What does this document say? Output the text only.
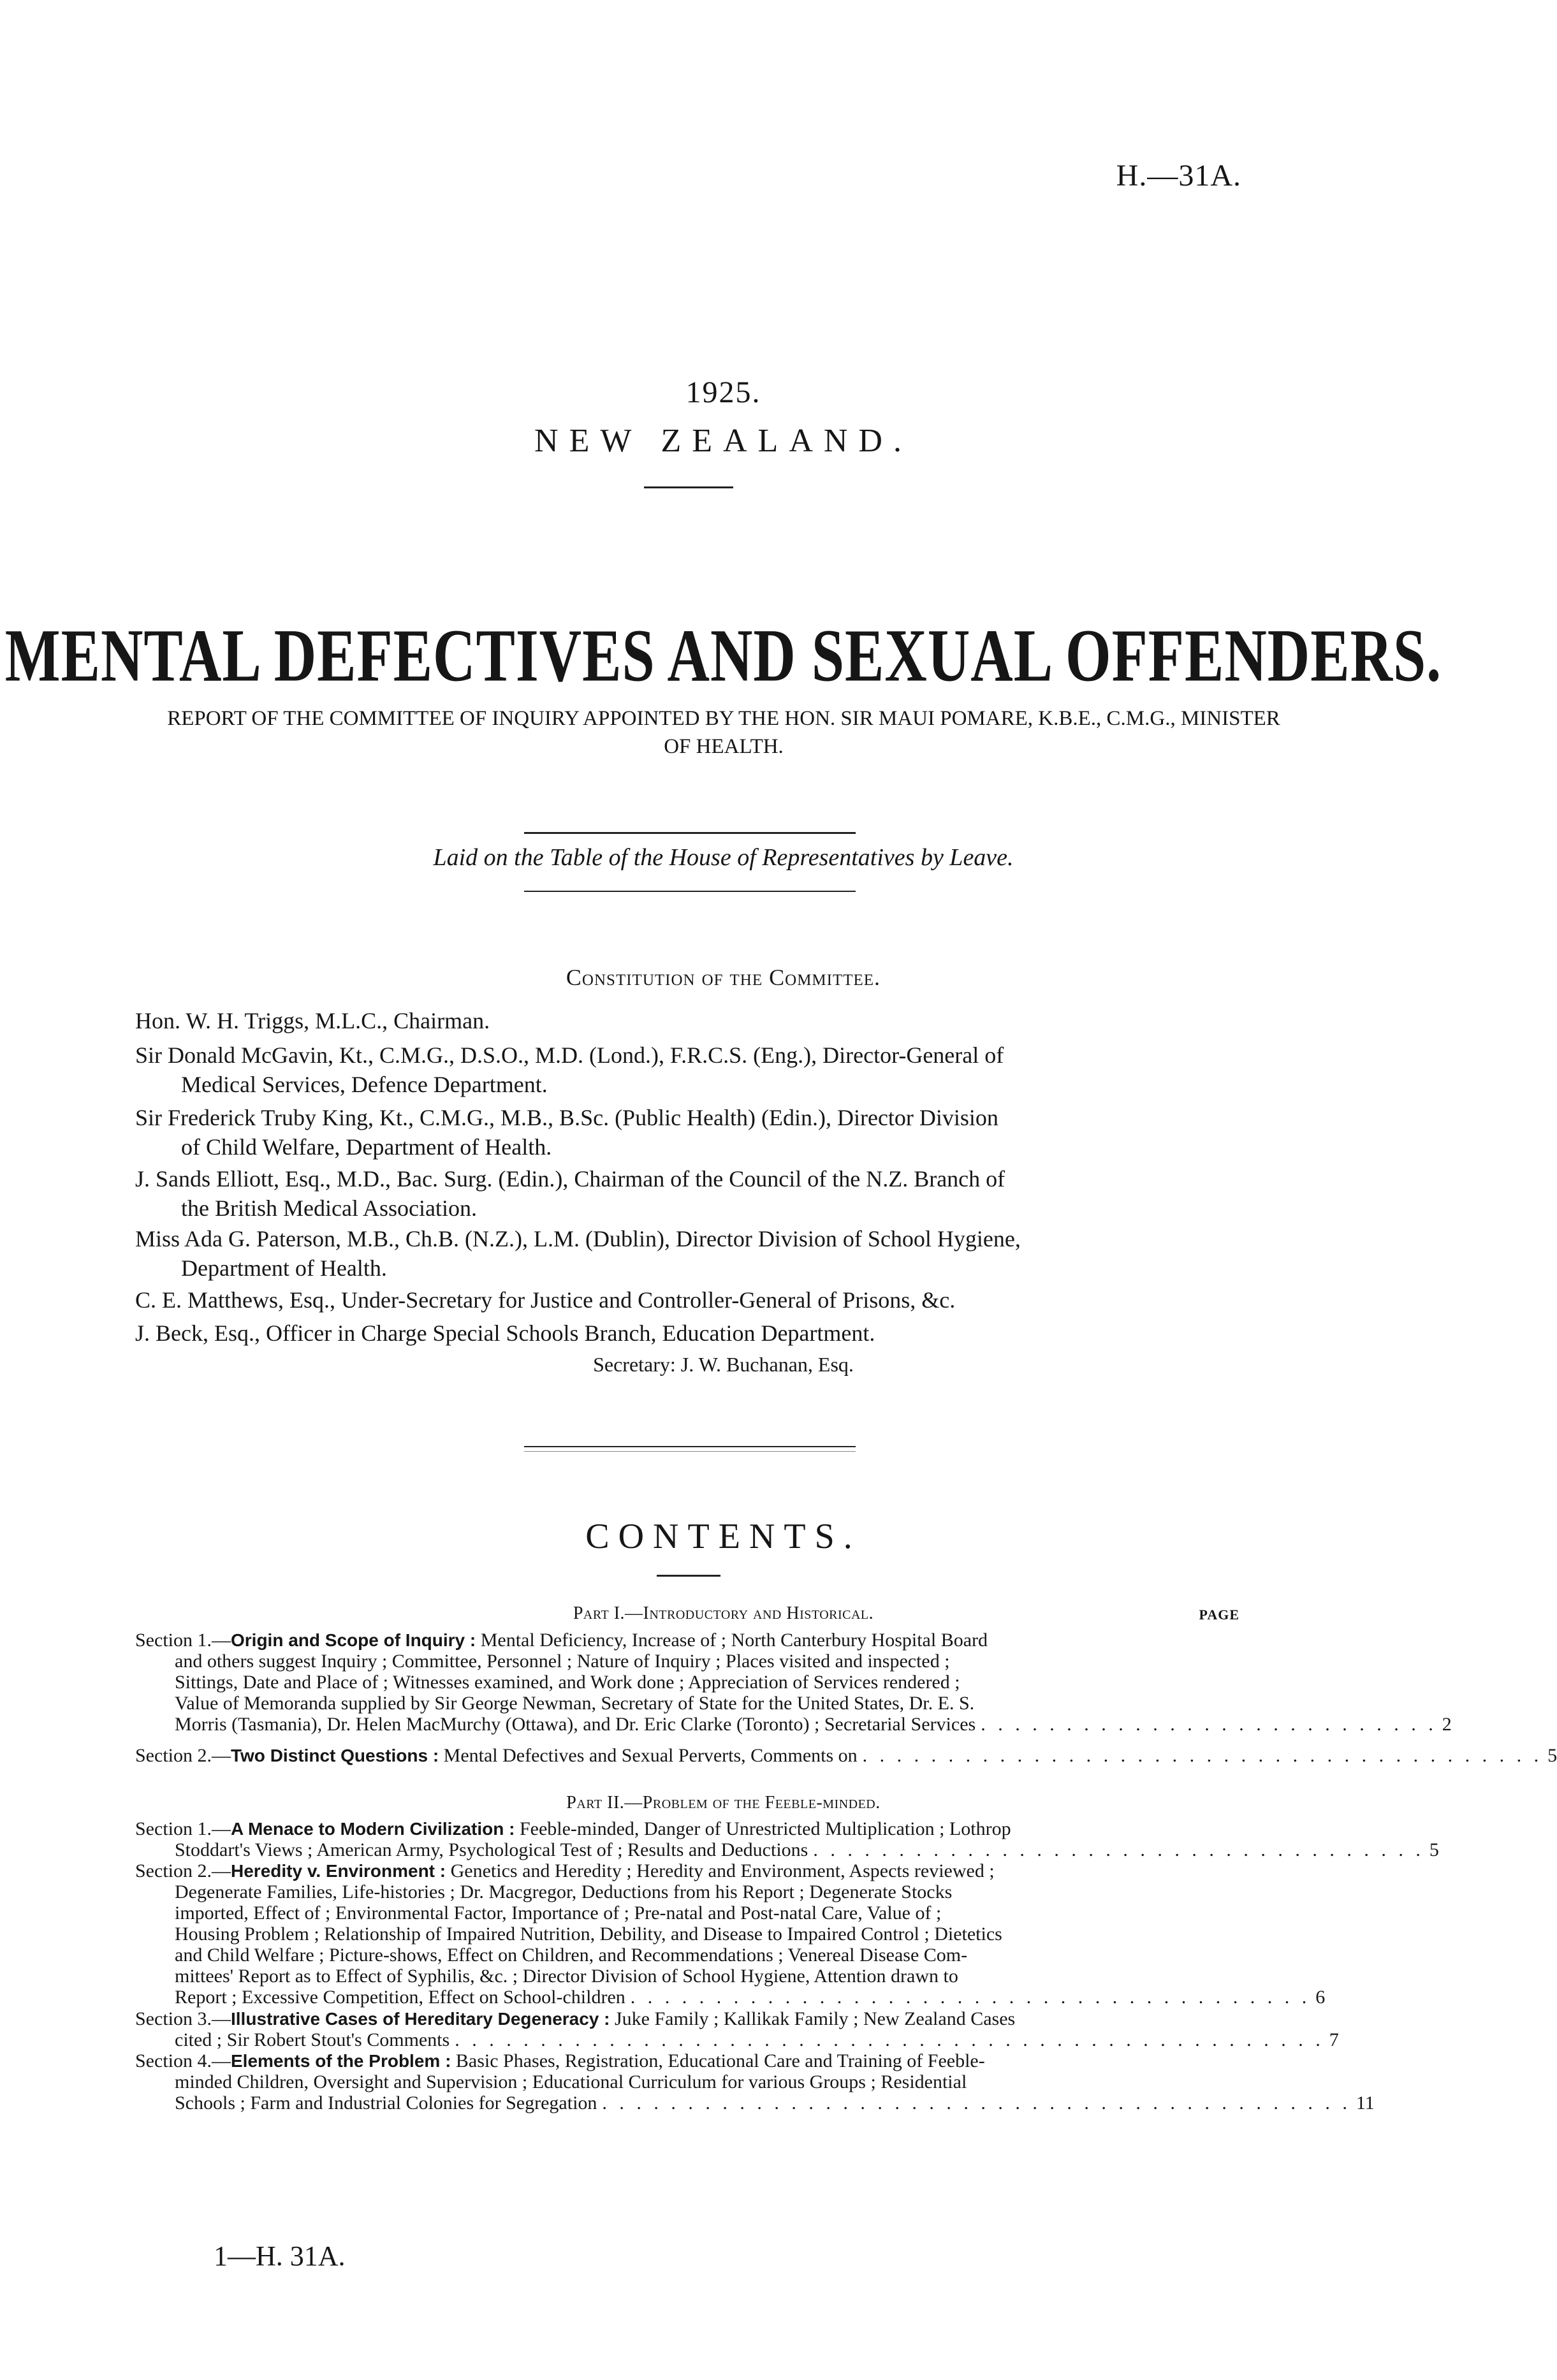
H.—31A.
1925.
NEW ZEALAND.
MENTAL DEFECTIVES AND SEXUAL OFFENDERS.
REPORT OF THE COMMITTEE OF INQUIRY APPOINTED BY THE HON. SIR MAUI POMARE, K.B.E., C.M.G., MINISTER OF HEALTH.
Laid on the Table of the House of Representatives by Leave.
Constitution of the Committee.
Hon. W. H. Triggs, M.L.C., Chairman.
Sir Donald McGavin, Kt., C.M.G., D.S.O., M.D. (Lond.), F.R.C.S. (Eng.), Director-General of
Medical Services, Defence Department.
Sir Frederick Truby King, Kt., C.M.G., M.B., B.Sc. (Public Health) (Edin.), Director Division
of Child Welfare, Department of Health.
J. Sands Elliott, Esq., M.D., Bac. Surg. (Edin.), Chairman of the Council of the N.Z. Branch of
the British Medical Association.
Miss Ada G. Paterson, M.B., Ch.B. (N.Z.), L.M. (Dublin), Director Division of School Hygiene,
Department of Health.
C. E. Matthews, Esq., Under-Secretary for Justice and Controller-General of Prisons, &c.
J. Beck, Esq., Officer in Charge Special Schools Branch, Education Department.
Secretary: J. W. Buchanan, Esq.
CONTENTS.
Part I.—Introductory and Historical.	PAGE
Section 1.—Origin and Scope of Inquiry : Mental Deficiency, Increase of ; North Canterbury Hospital Board
and others suggest Inquiry ; Committee, Personnel ; Nature of Inquiry ; Places visited and inspected ;
Sittings, Date and Place of ; Witnesses examined, and Work done ; Appreciation of Services rendered ;
Value of Memoranda supplied by Sir George Newman, Secretary of State for the United States, Dr. E. S.
Morris (Tasmania), Dr. Helen MacMurchy (Ottawa), and Dr. Eric Clarke (Toronto) ; Secretarial Services . . . . . . . . . . . . . . . . . . . . . . . . . . . 2
Section 2.—Two Distinct Questions : Mental Defectives and Sexual Perverts, Comments on . . . . . . . . . . . . . . . . . . . . . . . . . . . . . . . . . . . . . . . . 5
Part II.—Problem of the Feeble-minded.
Section 1.—A Menace to Modern Civilization : Feeble-minded, Danger of Unrestricted Multiplication ; Lothrop
Stoddart's Views ; American Army, Psychological Test of ; Results and Deductions . . . . . . . . . . . . . . . . . . . . . . . . . . . . . . . . . . . . 5
Section 2.—Heredity v. Environment : Genetics and Heredity ; Heredity and Environment, Aspects reviewed ;
Degenerate Families, Life-histories ; Dr. Macgregor, Deductions from his Report ; Degenerate Stocks
imported, Effect of ; Environmental Factor, Importance of ; Pre-natal and Post-natal Care, Value of ;
Housing Problem ; Relationship of Impaired Nutrition, Debility, and Disease to Impaired Control ; Dietetics
and Child Welfare ; Picture-shows, Effect on Children, and Recommendations ; Venereal Disease Com-
mittees' Report as to Effect of Syphilis, &c. ; Director Division of School Hygiene, Attention drawn to
Report ; Excessive Competition, Effect on School-children . . . . . . . . . . . . . . . . . . . . . . . . . . . . . . . . . . . . . . . . 6
Section 3.—Illustrative Cases of Hereditary Degeneracy : Juke Family ; Kallikak Family ; New Zealand Cases
cited ; Sir Robert Stout's Comments . . . . . . . . . . . . . . . . . . . . . . . . . . . . . . . . . . . . . . . . . . . . . . . . . . . 7
Section 4.—Elements of the Problem : Basic Phases, Registration, Educational Care and Training of Feeble-
minded Children, Oversight and Supervision ; Educational Curriculum for various Groups ; Residential
Schools ; Farm and Industrial Colonies for Segregation . . . . . . . . . . . . . . . . . . . . . . . . . . . . . . . . . . . . . . . . . . . . 11
1—H. 31A.
